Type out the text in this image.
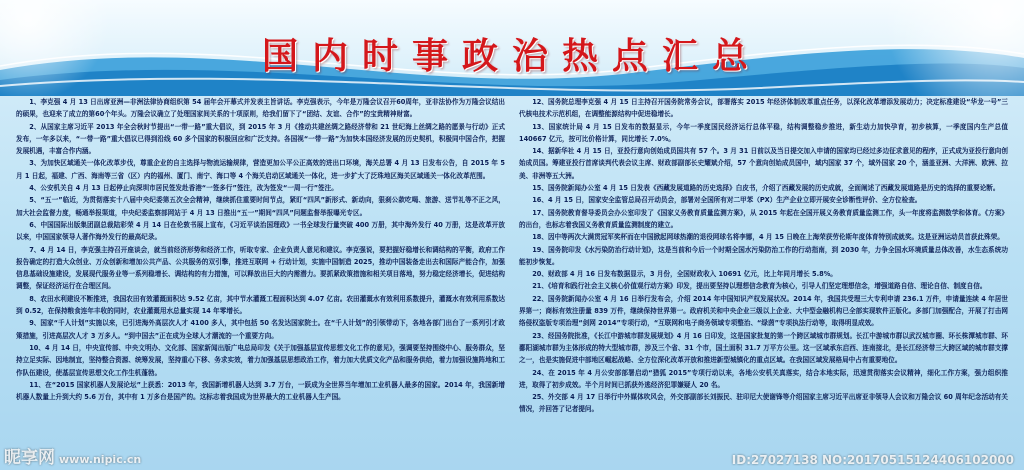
国内时事政治热点汇总

1、李克强 4 月 13 日出席亚洲—非洲法律协商组织第 54 届年会开幕式并发表主旨讲话。李克强表示，今年是万隆会议召开60周年，亚非法协作为万隆会议结出的硕果，也迎来了成立的第60个年头。万隆会议确立了处理国家间关系的十项原则，给我们留下了“团结、友谊、合作”的宝贵精神财富。

2、从国家主席习近平 2013 年全会秋时节提出“一带一路”重大倡议，到 2015 年 3 月《推动共建丝绸之路经济带和 21 世纪海上丝绸之路的愿景与行动》正式发布，一年多以来，“一带一路”重大倡议已得到沿线 60 多个国家的积极回应和广泛支持。各国视“一带一路”为加快本国经济发展的历史契机，积极同中国合作，把握发展机遇，丰富合作内涵。

3、为加快区域通关一体化改革步伐，尊重企业的自主选择与物流运输规律，营造更加公平公正高效的进出口环境，海关总署 4 月 13 日发布公告，自 2015 年 5 月 1 日起，福建、广西、海南等三省（区）内的福州、厦门、南宁、海口等 4 个海关启动区域通关一体化，进一步扩大了泛珠地区海关区域通关一体化改革范围。

4、公安机关自 4 月 13 日起停止向深圳市居民签发赴香港“一签多行”签注，改为签发“一周一行”签注。

5、“五一”临近，为贯彻落实十八届中央纪委第五次全会精神，继续抓住重要时间节点，紧盯“四风”新形式、新动向，狠刹公款吃喝、旅游、送节礼等不正之风，加大社会监督力度，畅通举报渠道，中央纪委监察部网站于 4 月 13 日推出“五一”期间“四风”问题监督举报曝光专区。

6、中国国际出版集团副总裁陆彩荣 4 月 14 日在伦敦书展上宣布，《习近平谈治国理政》一书全球发行量突破 400 万册，其中海外发行 40 万册，这是改革开放以来，中国国家领导人著作海外发行的最高纪录。

7、4 月 14 日，李克强主持召开座谈会，就当前经济形势和经济工作，听取专家、企业负责人意见和建议。李克强说，要把握好稳增长和调结构的平衡，政府工作报告确定的打造大众创业、万众创新和增加公共产品、公共服务的双引擎，推进互联网 + 行动计划，实施中国制造 2025，推动中国装备走出去和国际产能合作，加强信息基础设施建设，发展现代服务业等一系列稳增长、调结构的有力措施，可以释放出巨大的内需潜力。要抓紧政策措施和相关项目落地，努力稳定经济增长，促进结构调整，保证经济运行在合理区间。

8、农田水利建设不断推进，我国农田有效灌溉面积达 9.52 亿亩，其中节水灌溉工程面积达到 4.07 亿亩。农田灌溉水有效利用系数提升，灌溉水有效利用系数达到 0.52，在保持粮食连年丰收的同时，农业灌溉用水总量实现 14 年零增长。

9、国家“千人计划”实施以来，已引进海外高层次人才 4100 多人，其中包括 50 名发达国家院士。在“千人计划”的引领带动下，各地各部门出台了一系列引才政策措施，引进高层次人才 3 万多人。“到中国去”正在成为全球人才潮流的一个重要方向。

10、4 月 14 日，中央宣传部、中央文明办、文化部、国家新闻出版广电总局印发《关于加强基层宣传思想文化工作的意见》，强调要坚持围绕中心、服务群众，坚持立足实际、因地制宜，坚持整合资源、统筹发展，坚持重心下移、务求实效，着力加强基层思想政治工作，着力加大优质文化产品和服务供给，着力加强设施阵地和工作队伍建设，使基层宣传思想文化工作生机蓬勃。

11、在“2015 国家机器人发展论坛”上获悉：2013 年，我国新增机器人达到 3.7 万台，一跃成为全世界当年增加工业机器人最多的国家。2014 年，我国新增机器人数量上升到大约 5.6 万台，其中有 1 万多台是国产的。这标志着我国成为世界最大的工业机器人生产国。

12、国务院总理李克强 4 月 15 日主持召开国务院常务会议，部署落实 2015 年经济体制改革重点任务，以深化改革增添发展动力；决定标准建设“华龙一号”三代核电技术示范机组，在调整能源结构中促进稳增长。

13、国家统计局 4 月 15 日发布的数据显示，今年一季度国民经济运行总体平稳，结构调整稳步推进，新生动力加快孕育，初步核算，一季度国内生产总值 140667 亿元，按可比价格计算，同比增长 7.0%。

14、据新华社 4 月 15 日，亚投行意向创始成员国共有 57 个。3 月 31 日前以及当日提交加入申请的国家均已经过多边征求意见的程序，正式成为亚投行意向创始成员国。筹建亚投行首席谈判代表会议主席、财政部副部长史耀斌介绍，57 个意向创始成员国中，域内国家 37 个，域外国家 20 个，涵盖亚洲、大洋洲、欧洲、拉美、非洲等五大洲。

15、国务院新闻办公室 4 月 15 日发表《西藏发展道路的历史选择》白皮书，介绍了西藏发展的历史成就，全面阐述了西藏发展道路是历史的选择的重要论断。

16、4 月 15 日，国家安全监管总局召开动员会，部署对全国所有对二甲苯（PX）生产企业立即开展安全诊断性评价、全方位检查。

17、国务院教育督导委员会办公室印发了《国家义务教育质量监测方案》，从 2015 年起在全国开展义务教育质量监测工作，头一年度将监测数学和体育。《方案》的出台，也标志着我国义务教育质量监测制度的建立。

18、因中等两次大满贯冠军奖杯而在中国掀起网球热潮的退役网球名将李娜，4 月 15 日晚在上海荣获劳伦斯年度体育特别成就奖。这是亚洲运动员首获此殊荣。

19、国务院印发《水污染防治行动计划》，这是当前和今后一个时期全国水污染防治工作的行动指南，到 2030 年，力争全国水环境质量总体改善，水生态系统功能初步恢复。

20、财政部 4 月 16 日发布数据显示，3 月份，全国财政收入 10691 亿元，比上年同月增长 5.8%。

21、《培育和践行社会主义核心价值观行动方案》印发，提出要坚持以理想信念教育为核心，引导人们坚定理想信念，增强道路自信、理论自信、制度自信。

22、国务院新闻办公室 4 月 16 日举行发布会，介绍 2014 年中国知识产权发展状况。2014 年，我国共受理三大专利申请 236.1 万件，申请量连续 4 年居世界第一；商标有效注册量 839 万件，继续保持世界第一。政府机关和中央企业三级以上企业、大中型金融机构已全部实现软件正版化。多部门加强配合，开展了打击网络侵权盗版专项治理“剑网 2014”专项行动，“互联网和电子商务领域专项整治、“绿茵”专项执法行动等，取得明显成效。

23、经国务院批准，《长江中游城市群发展规划》4 月 16 日印发，这是国家批复的第一个跨区域城市群规划。长江中游城市群以武汉城市圈、环长株潭城市群、环鄱阳湖城市群为主体形成的特大型城市群，涉及三个省、31 个市，国土面积 31.7 万平方公里。这一区域承东启西、连南接北，是长江经济带三大跨区域的城市群支撑之一，也是实施促进中部地区崛起战略、全方位深化改革开放和推进新型城镇化的重点区域。在我国区域发展格局中占有重要地位。

24、在 2015 年 4 月公安部部署启动“猎狐 2015”专项行动以来，各地公安机关真落实，结合本地实际，迅速贯彻落实会议精神，细化工作方案，强力组织推进，取得了初步成效。半个月时间已抓获外逃经济犯罪嫌疑人 20 名。

25、外交部 4 月 17 日举行中外媒体吹风会，外交部副部长刘振民、驻印尼大使谢锋等介绍国家主席习近平出席亚非领导人会议和万隆会议 60 周年纪念活动有关情况，并回答了记者提问。

昵享网 www.nipic.cn	ID:27027138 NO:20170515124406102000
